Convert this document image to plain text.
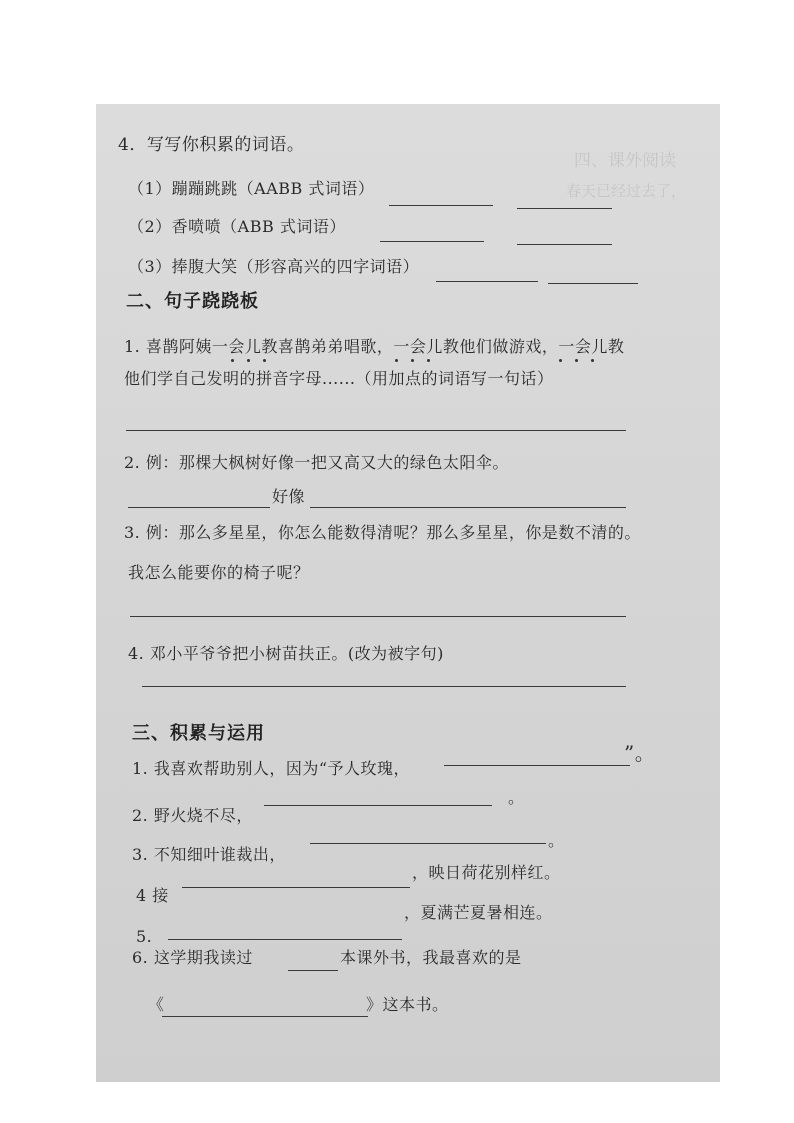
四、课外阅读
春天已经过去了，
4．写写你积累的词语。
（1）蹦蹦跳跳（AABB 式词语）
（2）香喷喷（ABB 式词语）
（3）捧腹大笑（形容高兴的四字词语）
二、句子跷跷板
1. 喜鹊阿姨一会儿教喜鹊弟弟唱歌，一会儿教他们做游戏，一会儿教
他们学自己发明的拼音字母......（用加点的词语写一句话）
2. 例：那棵大枫树好像一把又高又大的绿色太阳伞。
好像
3. 例：那么多星星，你怎么能数得清呢？那么多星星，你是数不清的。
我怎么能要你的椅子呢？
4. 邓小平爷爷把小树苗扶正。(改为被字句)
三、积累与运用
1. 我喜欢帮助别人，因为“予人玫瑰，
”。
2. 野火烧不尽，
。
3. 不知细叶谁裁出，
。
4 接
，映日荷花别样红。
5.
，夏满芒夏暑相连。
6. 这学期我读过	本课外书，我最喜欢的是
《	》这本书。
